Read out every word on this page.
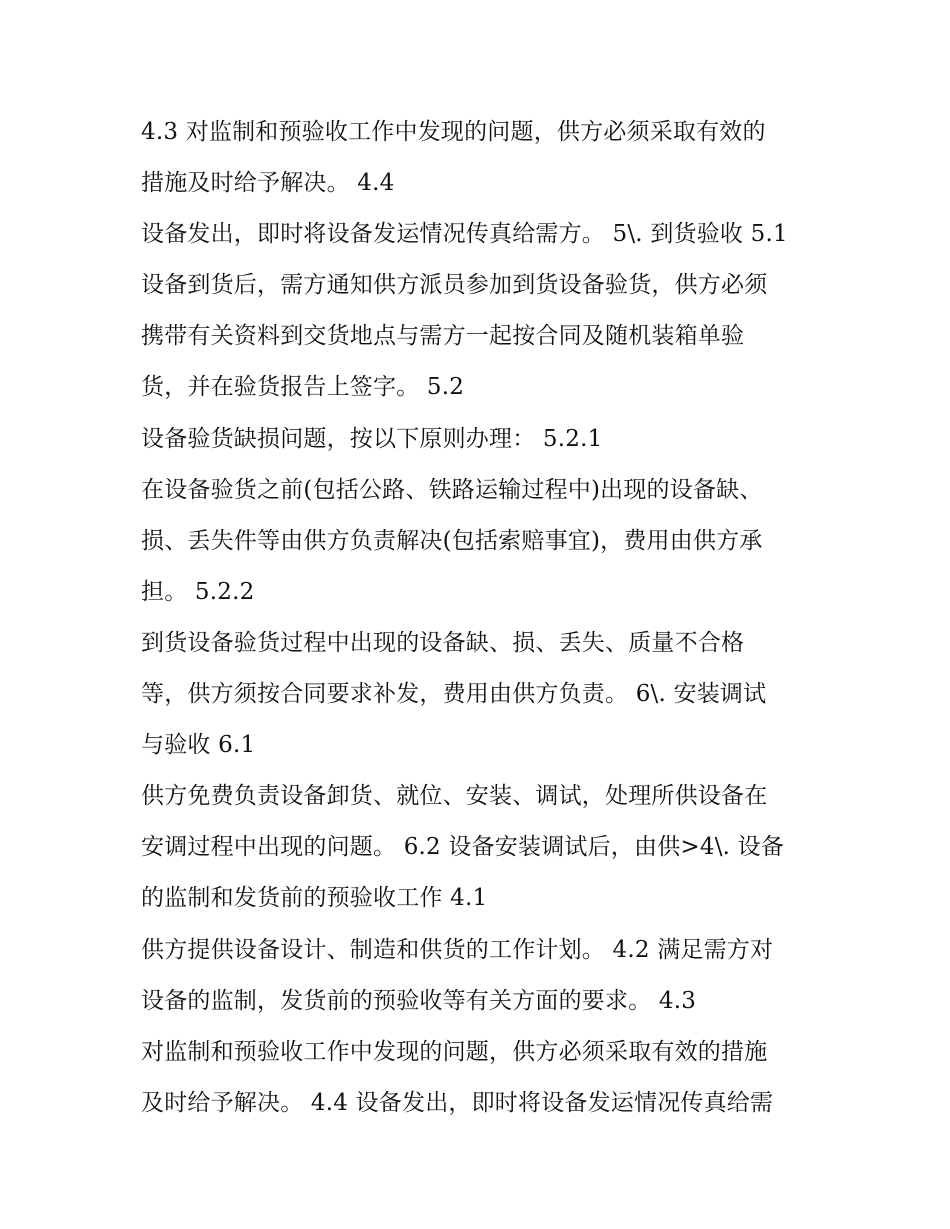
4.3 对监制和预验收工作中发现的问题，供方必须采取有效的
措施及时给予解决。 4.4
设备发出，即时将设备发运情况传真给需方。 5\. 到货验收 5.1
设备到货后，需方通知供方派员参加到货设备验货，供方必须
携带有关资料到交货地点与需方一起按合同及随机装箱单验
货，并在验货报告上签字。 5.2
设备验货缺损问题，按以下原则办理： 5.2.1
在设备验货之前(包括公路、铁路运输过程中)出现的设备缺、
损、丢失件等由供方负责解决(包括索赔事宜)，费用由供方承
担。 5.2.2
到货设备验货过程中出现的设备缺、损、丢失、质量不合格
等，供方须按合同要求补发，费用由供方负责。 6\. 安装调试
与验收 6.1
供方免费负责设备卸货、就位、安装、调试，处理所供设备在
安调过程中出现的问题。 6.2 设备安装调试后，由供>4\. 设备
的监制和发货前的预验收工作 4.1
供方提供设备设计、制造和供货的工作计划。 4.2 满足需方对
设备的监制，发货前的预验收等有关方面的要求。 4.3
对监制和预验收工作中发现的问题，供方必须采取有效的措施
及时给予解决。 4.4 设备发出，即时将设备发运情况传真给需
